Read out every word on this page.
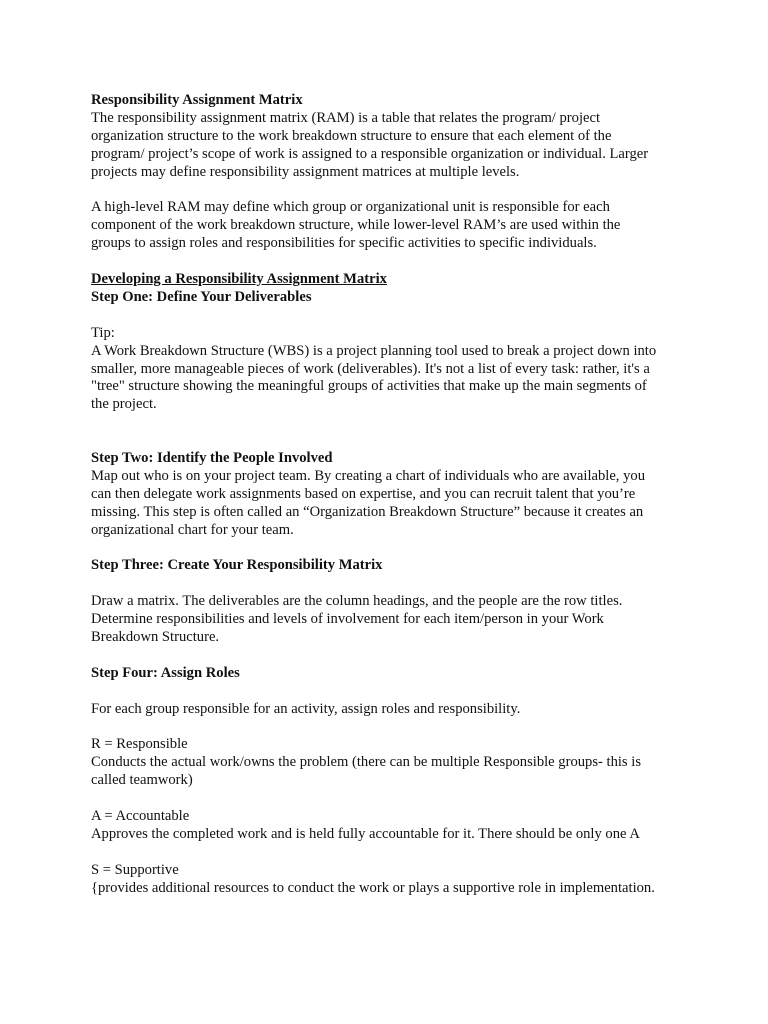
Responsibility Assignment Matrix

The responsibility assignment matrix (RAM) is a table that relates the program/ project

organization structure to the work breakdown structure to ensure that each element of the

program/ project’s scope of work is assigned to a responsible organization or individual. Larger

projects may define responsibility assignment matrices at multiple levels.

A high-level RAM may define which group or organizational unit is responsible for each

component of the work breakdown structure, while lower-level RAM’s are used within the

groups to assign roles and responsibilities for specific activities to specific individuals.

Developing a Responsibility Assignment Matrix

Step One: Define Your Deliverables

Tip:

A Work Breakdown Structure (WBS) is a project planning tool used to break a project down into

smaller, more manageable pieces of work (deliverables). It's not a list of every task: rather, it's a

"tree" structure showing the meaningful groups of activities that make up the main segments of

the project.

Step Two: Identify the People Involved

Map out who is on your project team. By creating a chart of individuals who are available, you

can then delegate work assignments based on expertise, and you can recruit talent that you’re

missing. This step is often called an “Organization Breakdown Structure” because it creates an

organizational chart for your team.

Step Three: Create Your Responsibility Matrix

Draw a matrix. The deliverables are the column headings, and the people are the row titles.

Determine responsibilities and levels of involvement for each item/person in your Work

Breakdown Structure.

Step Four: Assign Roles

For each group responsible for an activity, assign roles and responsibility.

R = Responsible

Conducts the actual work/owns the problem (there can be multiple Responsible groups- this is

called teamwork)

A = Accountable

Approves the completed work and is held fully accountable for it. There should be only one A

S = Supportive

{provides additional resources to conduct the work or plays a supportive role in implementation.
